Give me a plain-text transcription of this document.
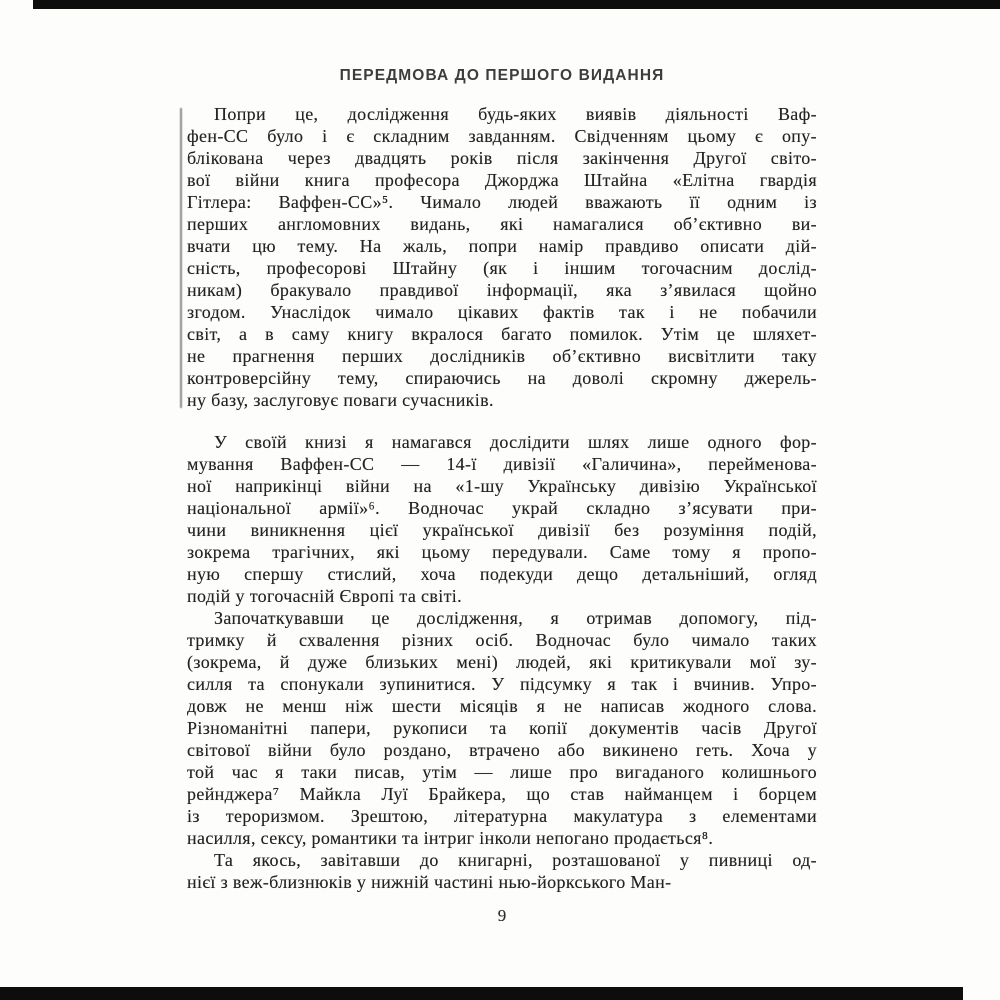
ПЕРЕДМОВА ДО ПЕРШОГО ВИДАННЯ
Попри це, дослідження будь-яких виявів діяльності Ваф-
фен-СС було і є складним завданням. Свідченням цьому є опу-
блікована через двадцять років після закінчення Другої світо-
вої війни книга професора Джорджа Штайна «Елітна гвардія
Гітлера: Ваффен-СС»⁵. Чимало людей вважають її одним із
перших англомовних видань, які намагалися об’єктивно ви-
вчати цю тему. На жаль, попри намір правдиво описати дій-
сність, професорові Штайну (як і іншим тогочасним дослід-
никам) бракувало правдивої інформації, яка з’явилася щойно
згодом. Унаслідок чимало цікавих фактів так і не побачили
світ, а в саму книгу вкралося багато помилок. Утім це шляхет-
не прагнення перших дослідників об’єктивно висвітлити таку
контроверсійну тему, спираючись на доволі скромну джерель-
ну базу, заслуговує поваги сучасників.
У своїй книзі я намагався дослідити шлях лише одного фор-
мування Ваффен-СС — 14-ї дивізії «Галичина», перейменова-
ної наприкінці війни на «1-шу Українську дивізію Української
національної армії»⁶. Водночас украй складно з’ясувати при-
чини виникнення цієї української дивізії без розуміння подій,
зокрема трагічних, які цьому передували. Саме тому я пропо-
ную спершу стислий, хоча подекуди дещо детальніший, огляд
подій у тогочасній Європі та світі.
Започаткувавши це дослідження, я отримав допомогу, під-
тримку й схвалення різних осіб. Водночас було чимало таких
(зокрема, й дуже близьких мені) людей, які критикували мої зу-
силля та спонукали зупинитися. У підсумку я так і вчинив. Упро-
довж не менш ніж шести місяців я не написав жодного слова.
Різноманітні папери, рукописи та копії документів часів Другої
світової війни було роздано, втрачено або викинено геть. Хоча у
той час я таки писав, утім — лише про вигаданого колишнього
рейнджера⁷ Майкла Луї Брайкера, що став найманцем і борцем
із тероризмом. Зрештою, літературна макулатура з елементами
насилля, сексу, романтики та інтриг інколи непогано продається⁸.
Та якось, завітавши до книгарні, розташованої у пивниці од-
нієї з веж-близнюків у нижній частині нью-йоркського Ман-
9
